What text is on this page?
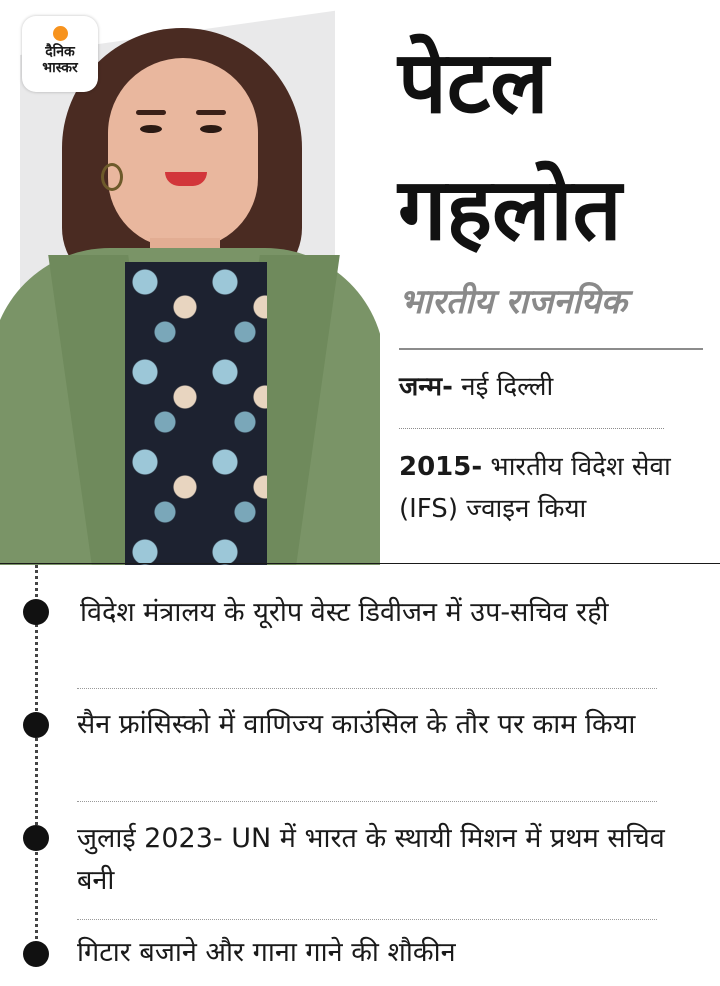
दैनिक
भास्कर	पेटल
गहलोत
भारतीय राजनयिक
जन्म- नई दिल्ली
2015- भारतीय विदेश सेवा (IFS) ज्वाइन किया
विदेश मंत्रालय के यूरोप वेस्ट डिवीजन में उप-सचिव रही
सैन फ्रांसिस्को में वाणिज्य काउंसिल के तौर पर काम किया
जुलाई 2023- UN में भारत के स्थायी मिशन में प्रथम सचिव बनी
गिटार बजाने और गाना गाने की शौकीन
